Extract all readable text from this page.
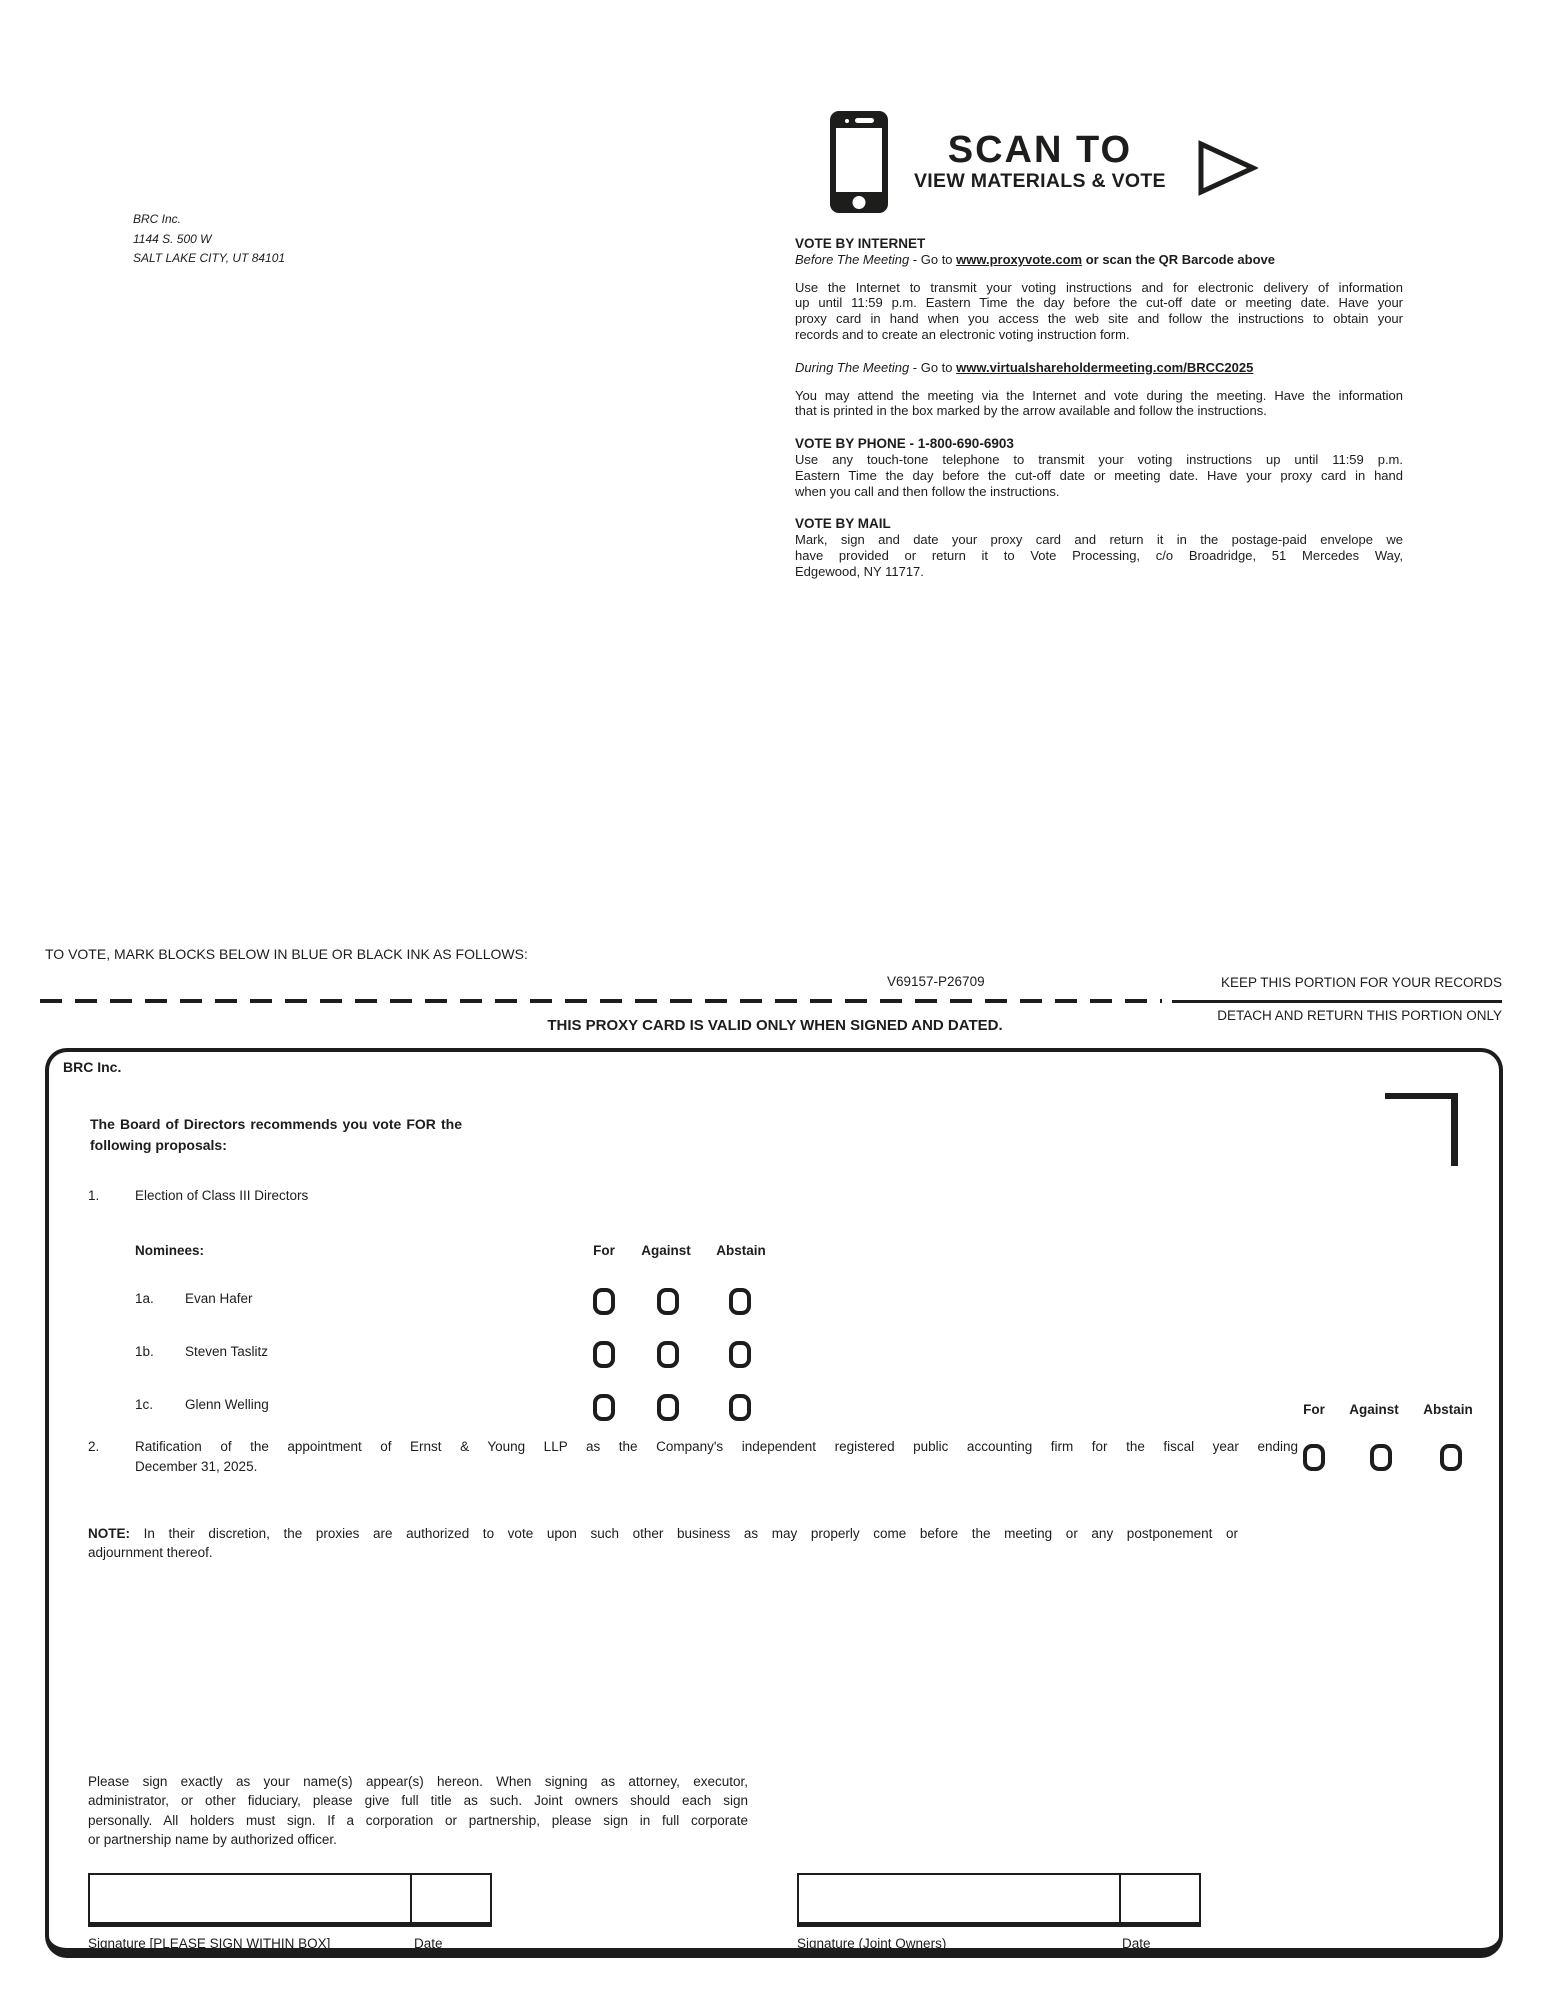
BRC Inc.
1144 S. 500 W
SALT LAKE CITY, UT 84101
SCAN TO
VIEW MATERIALS & VOTE
VOTE BY INTERNET
Before The Meeting - Go to www.proxyvote.com or scan the QR Barcode above
Use the Internet to transmit your voting instructions and for electronic delivery of information
up until 11:59 p.m. Eastern Time the day before the cut-off date or meeting date. Have your
proxy card in hand when you access the web site and follow the instructions to obtain your
records and to create an electronic voting instruction form.
During The Meeting - Go to www.virtualshareholdermeeting.com/BRCC2025
You may attend the meeting via the Internet and vote during the meeting. Have the information
that is printed in the box marked by the arrow available and follow the instructions.
VOTE BY PHONE - 1-800-690-6903
Use any touch-tone telephone to transmit your voting instructions up until 11:59 p.m.
Eastern Time the day before the cut-off date or meeting date. Have your proxy card in hand
when you call and then follow the instructions.
VOTE BY MAIL
Mark, sign and date your proxy card and return it in the postage-paid envelope we
have provided or return it to Vote Processing, c/o Broadridge, 51 Mercedes Way,
Edgewood, NY 11717.
TO VOTE, MARK BLOCKS BELOW IN BLUE OR BLACK INK AS FOLLOWS:
V69157-P26709	KEEP THIS PORTION FOR YOUR RECORDS
DETACH AND RETURN THIS PORTION ONLY
THIS PROXY CARD IS VALID ONLY WHEN SIGNED AND DATED.
BRC Inc.
The Board of Directors recommends you vote FOR the
following proposals:
1.	Election of Class III Directors
Nominees:	For	Against	Abstain
1a. Evan Hafer
1b. Steven Taslitz
1c. Glenn Welling	For	Against	Abstain
2.	Ratification of the appointment of Ernst & Young LLP as the Company's independent registered public accounting firm for the fiscal year ending
December 31, 2025.
NOTE: In their discretion, the proxies are authorized to vote upon such other business as may properly come before the meeting or any postponement or
adjournment thereof.
Please sign exactly as your name(s) appear(s) hereon. When signing as attorney, executor,
administrator, or other fiduciary, please give full title as such. Joint owners should each sign
personally. All holders must sign. If a corporation or partnership, please sign in full corporate
or partnership name by authorized officer.
Signature [PLEASE SIGN WITHIN BOX]	Date	Signature (Joint Owners)	Date
